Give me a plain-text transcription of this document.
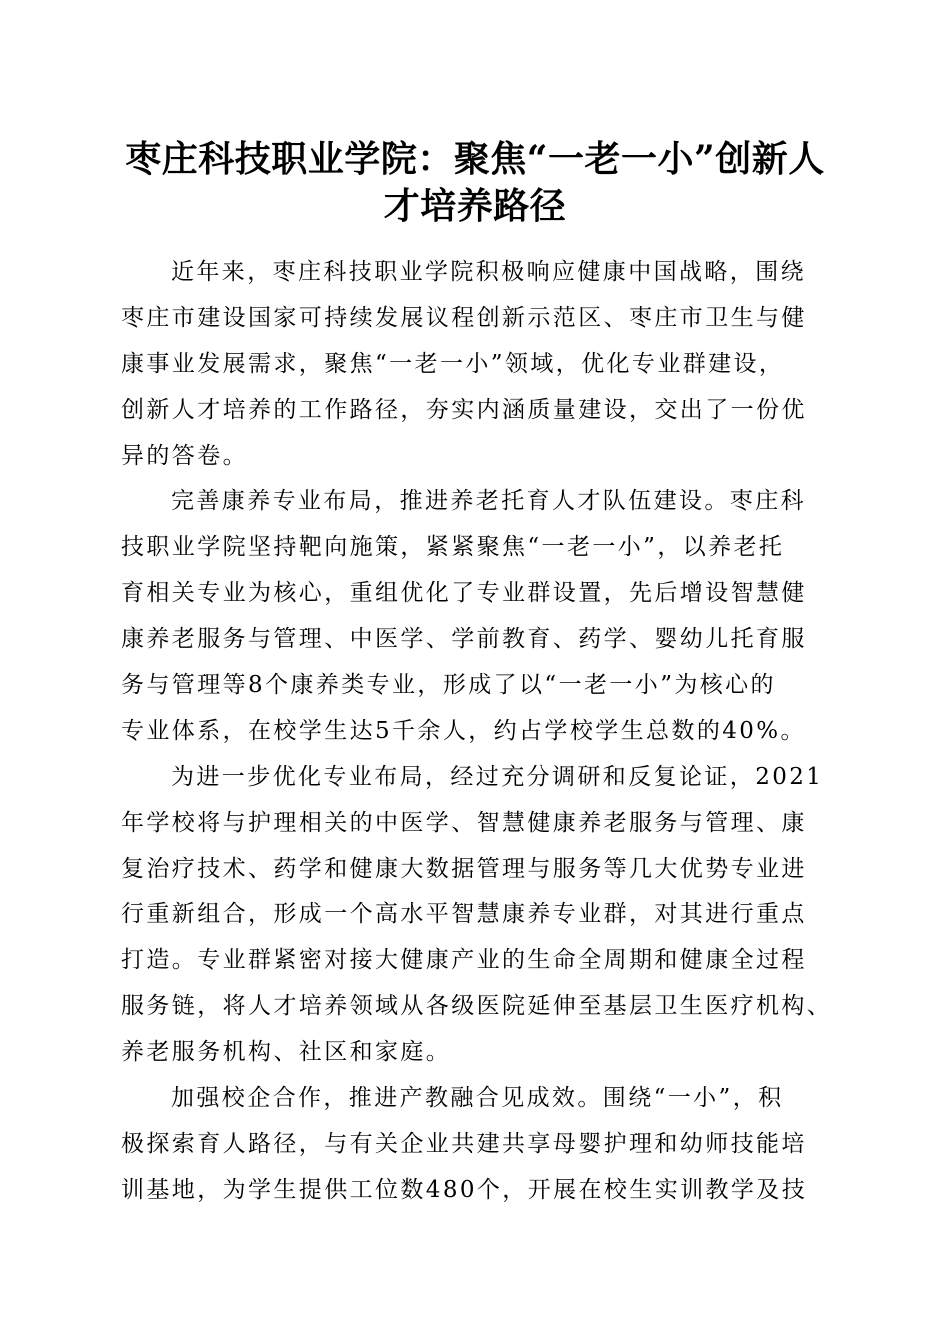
枣庄科技职业学院：聚焦“一老一小”创新人
才培养路径
近年来，枣庄科技职业学院积极响应健康中国战略，围绕
枣庄市建设国家可持续发展议程创新示范区、枣庄市卫生与健
康事业发展需求，聚焦“一老一小”领域，优化专业群建设，
创新人才培养的工作路径，夯实内涵质量建设，交出了一份优
异的答卷。
完善康养专业布局，推进养老托育人才队伍建设。枣庄科
技职业学院坚持靶向施策，紧紧聚焦“一老一小”，以养老托
育相关专业为核心，重组优化了专业群设置，先后增设智慧健
康养老服务与管理、中医学、学前教育、药学、婴幼儿托育服
务与管理等8个康养类专业，形成了以“一老一小”为核心的
专业体系，在校学生达5千余人，约占学校学生总数的40%。
为进一步优化专业布局，经过充分调研和反复论证，2021
年学校将与护理相关的中医学、智慧健康养老服务与管理、康
复治疗技术、药学和健康大数据管理与服务等几大优势专业进
行重新组合，形成一个高水平智慧康养专业群，对其进行重点
打造。专业群紧密对接大健康产业的生命全周期和健康全过程
服务链，将人才培养领域从各级医院延伸至基层卫生医疗机构、
养老服务机构、社区和家庭。
加强校企合作，推进产教融合见成效。围绕“一小”，积
极探索育人路径，与有关企业共建共享母婴护理和幼师技能培
训基地，为学生提供工位数480个，开展在校生实训教学及技
